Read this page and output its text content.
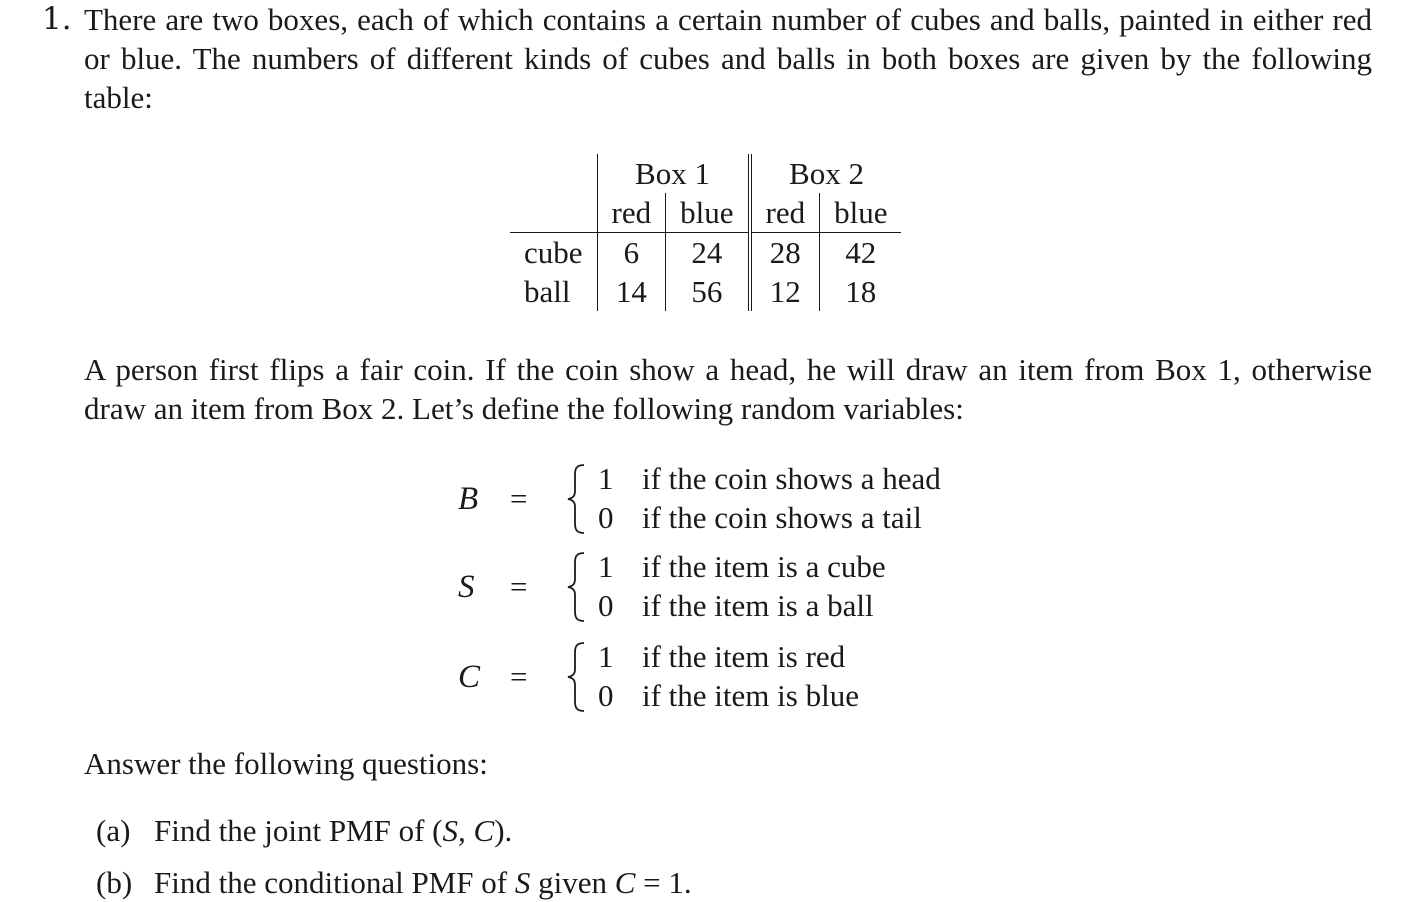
1. There are two boxes, each of which contains a certain number of cubes and balls, painted in either red or blue. The numbers of different kinds of cubes and balls in both boxes are given by the following table:
	Box 1		Box 2	
	red	blue	red	blue
cube	6	24	28	42
ball	14	56	12	18
A person first flips a fair coin. If the coin show a head, he will draw an item from Box 1, otherwise draw an item from Box 2. Let’s define the following random variables:
B =
1 if the coin shows a head
0 if the coin shows a tail
S =
1 if the item is a cube
0 if the item is a ball
C =
1 if the item is red
0 if the item is blue
Answer the following questions:
(a) Find the joint PMF of (S, C).
(b) Find the conditional PMF of S given C = 1.
